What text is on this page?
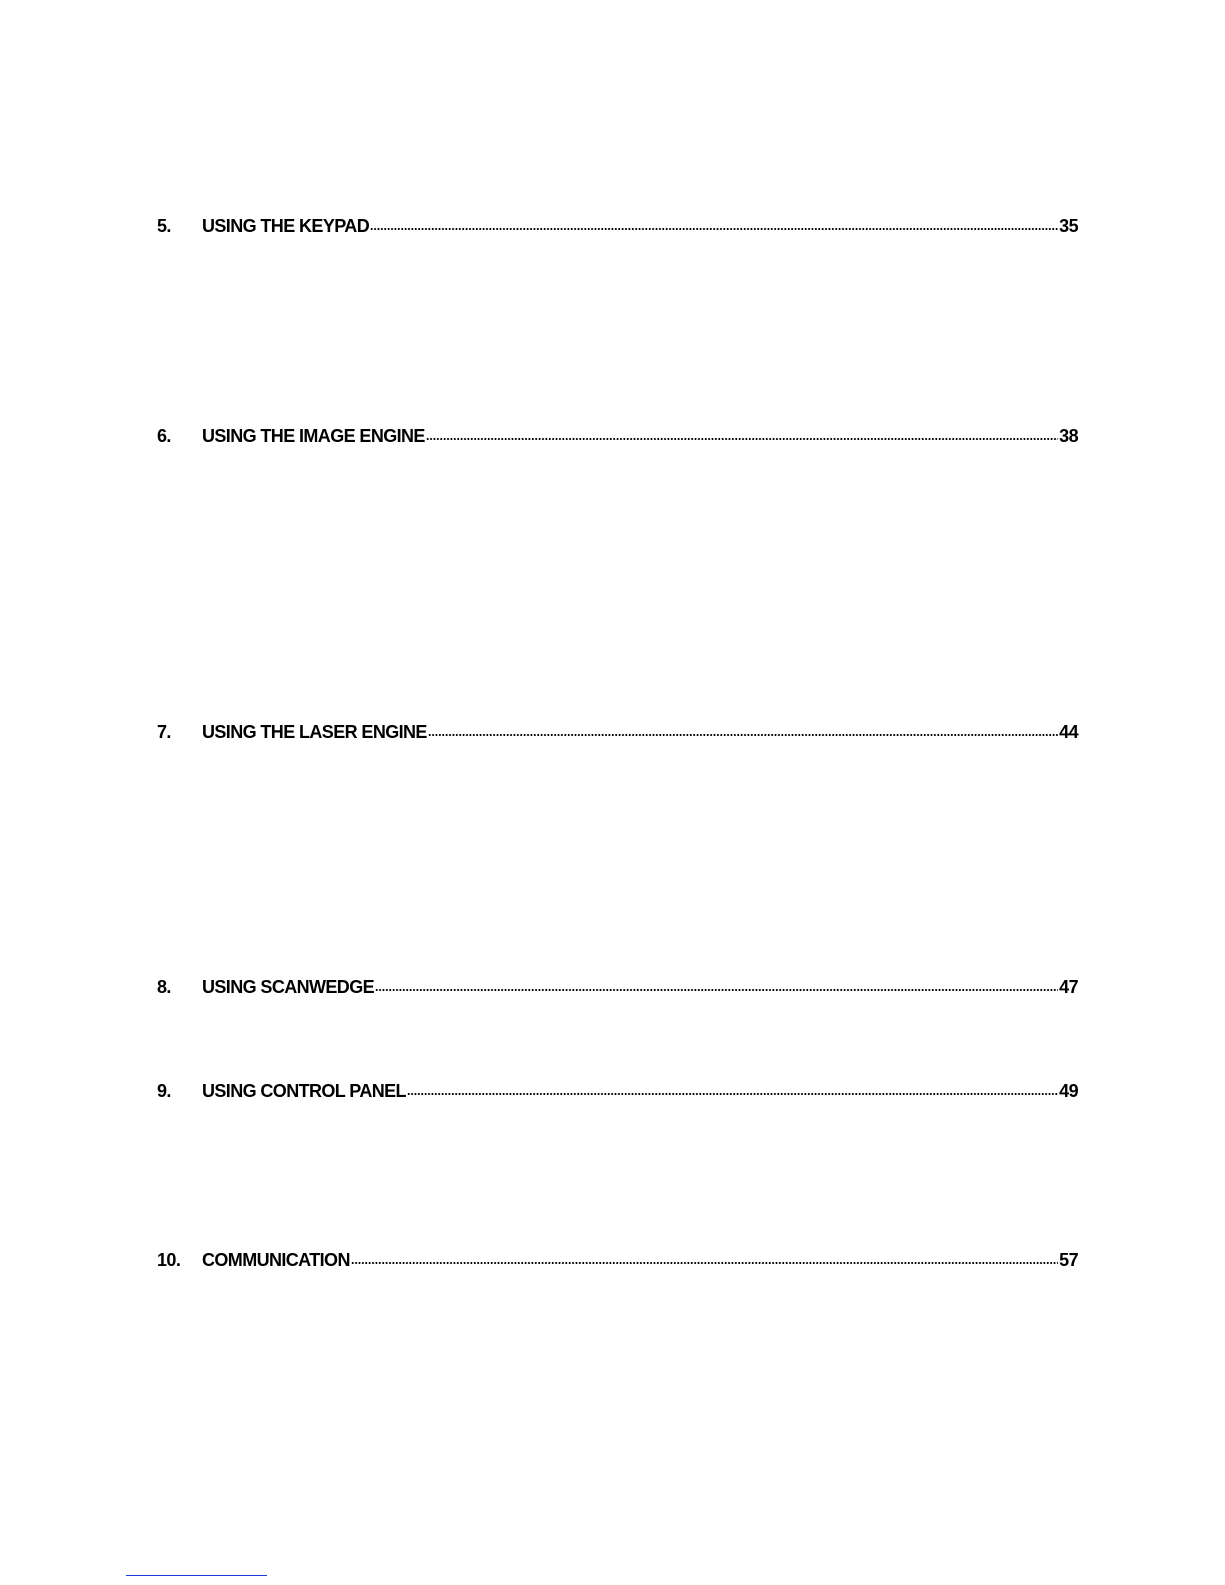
5.	USING THE KEYPAD	35
6.	USING THE IMAGE ENGINE	38
7.	USING THE LASER ENGINE	44
8.	USING SCANWEDGE	47
9.	USING CONTROL PANEL	49
10.	COMMUNICATION	57
